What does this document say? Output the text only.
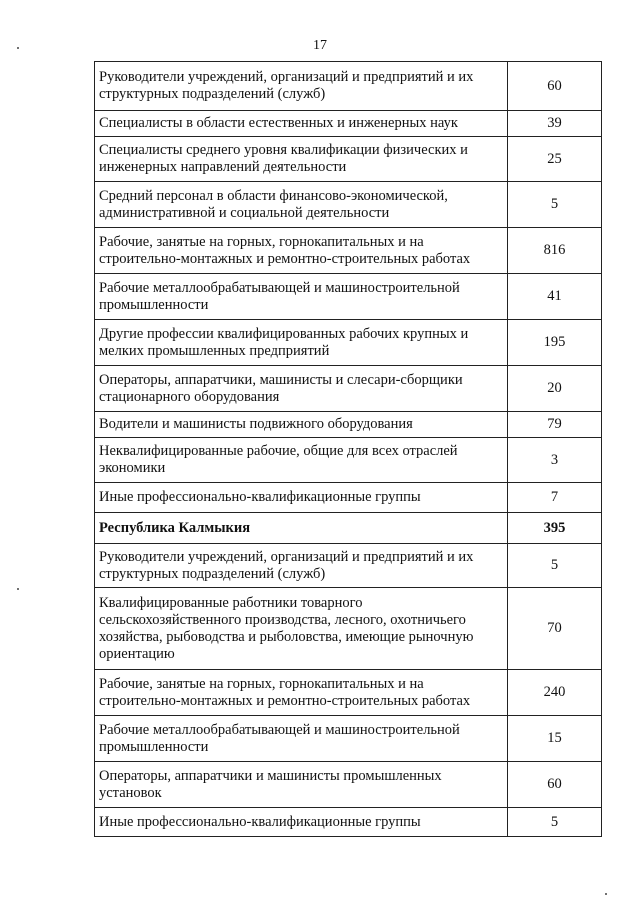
17
Руководители учреждений, организаций и предприятий и их структурных подразделений (служб)	60
Специалисты в области естественных и инженерных наук	39
Специалисты среднего уровня квалификации физических и инженерных направлений деятельности	25
Средний персонал в области финансово-экономической, административной и социальной деятельности	5
Рабочие, занятые на горных, горнокапитальных и на строительно-монтажных и ремонтно-строительных работах	816
Рабочие металлообрабатывающей и машиностроительной промышленности	41
Другие профессии квалифицированных рабочих крупных и мелких промышленных предприятий	195
Операторы, аппаратчики, машинисты и слесари-сборщики стационарного оборудования	20
Водители и машинисты подвижного оборудования	79
Неквалифицированные рабочие, общие для всех отраслей экономики	3
Иные профессионально-квалификационные группы	7
Республика Калмыкия	395
Руководители учреждений, организаций и предприятий и их структурных подразделений (служб)	5
Квалифицированные работники товарного сельскохозяйственного производства, лесного, охотничьего хозяйства, рыбоводства и рыболовства, имеющие рыночную ориентацию	70
Рабочие, занятые на горных, горнокапитальных и на строительно-монтажных и ремонтно-строительных работах	240
Рабочие металлообрабатывающей и машиностроительной промышленности	15
Операторы, аппаратчики и машинисты промышленных установок	60
Иные профессионально-квалификационные группы	5
